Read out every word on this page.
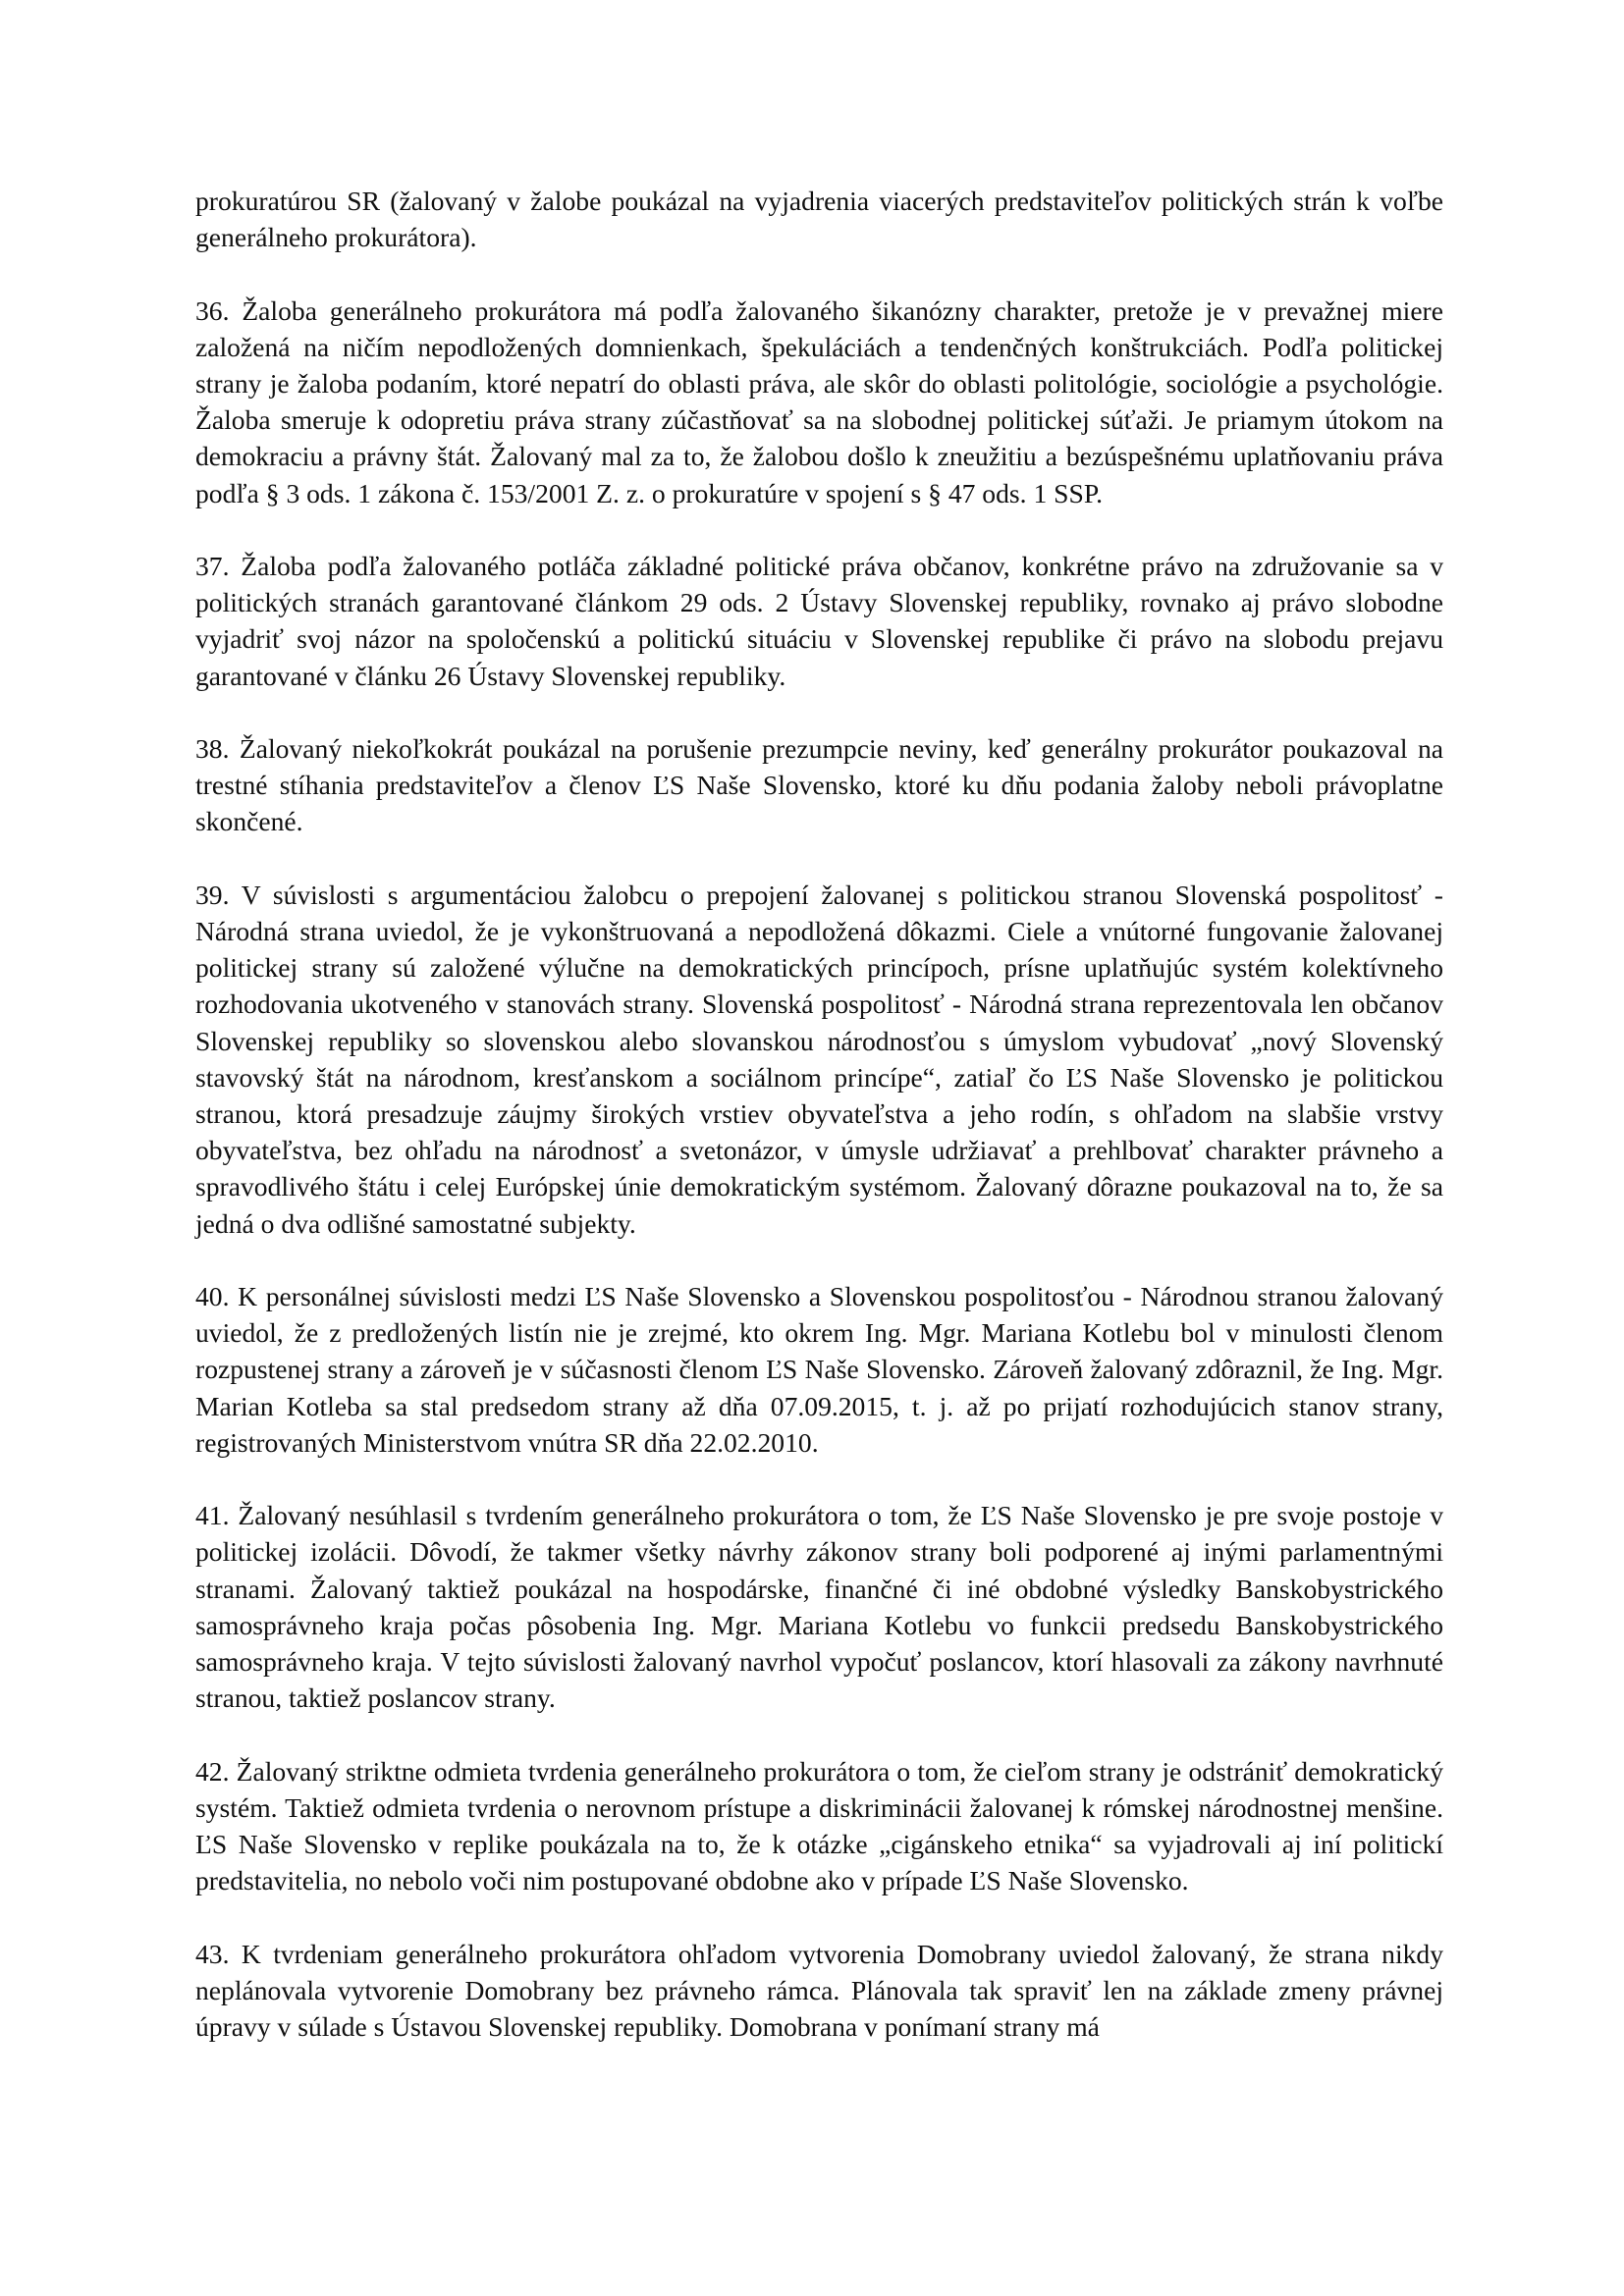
prokuratúrou SR (žalovaný v žalobe poukázal na vyjadrenia viacerých predstaviteľov politických strán k voľbe generálneho prokurátora).

36. Žaloba generálneho prokurátora má podľa žalovaného šikanózny charakter, pretože je v prevažnej miere založená na ničím nepodložených domnienkach, špekuláciách a tendenčných konštrukciách. Podľa politickej strany je žaloba podaním, ktoré nepatrí do oblasti práva, ale skôr do oblasti politológie, sociológie a psychológie. Žaloba smeruje k odopretiu práva strany zúčastňovať sa na slobodnej politickej súťaži. Je priamym útokom na demokraciu a právny štát. Žalovaný mal za to, že žalobou došlo k zneužitiu a bezúspešnému uplatňovaniu práva podľa § 3 ods. 1 zákona č. 153/2001 Z. z. o prokuratúre v spojení s § 47 ods. 1 SSP.

37. Žaloba podľa žalovaného potláča základné politické práva občanov, konkrétne právo na združovanie sa v politických stranách garantované článkom 29 ods. 2 Ústavy Slovenskej republiky, rovnako aj právo slobodne vyjadriť svoj názor na spoločenskú a politickú situáciu v Slovenskej republike či právo na slobodu prejavu garantované v článku 26 Ústavy Slovenskej republiky.

38. Žalovaný niekoľkokrát poukázal na porušenie prezumpcie neviny, keď generálny prokurátor poukazoval na trestné stíhania predstaviteľov a členov ĽS Naše Slovensko, ktoré ku dňu podania žaloby neboli právoplatne skončené.

39. V súvislosti s argumentáciou žalobcu o prepojení žalovanej s politickou stranou Slovenská pospolitosť - Národná strana uviedol, že je vykonštruovaná a nepodložená dôkazmi. Ciele a vnútorné fungovanie žalovanej politickej strany sú založené výlučne na demokratických princípoch, prísne uplatňujúc systém kolektívneho rozhodovania ukotveného v stanovách strany. Slovenská pospolitosť - Národná strana reprezentovala len občanov Slovenskej republiky so slovenskou alebo slovanskou národnosťou s úmyslom vybudovať „nový Slovenský stavovský štát na národnom, kresťanskom a sociálnom princípe“, zatiaľ čo ĽS Naše Slovensko je politickou stranou, ktorá presadzuje záujmy širokých vrstiev obyvateľstva a jeho rodín, s ohľadom na slabšie vrstvy obyvateľstva, bez ohľadu na národnosť a svetonázor, v úmysle udržiavať a prehlbovať charakter právneho a spravodlivého štátu i celej Európskej únie demokratickým systémom. Žalovaný dôrazne poukazoval na to, že sa jedná o dva odlišné samostatné subjekty.

40. K personálnej súvislosti medzi ĽS Naše Slovensko a Slovenskou pospolitosťou - Národnou stranou žalovaný uviedol, že z predložených listín nie je zrejmé, kto okrem Ing. Mgr. Mariana Kotlebu bol v minulosti členom rozpustenej strany a zároveň je v súčasnosti členom ĽS Naše Slovensko. Zároveň žalovaný zdôraznil, že Ing. Mgr. Marian Kotleba sa stal predsedom strany až dňa 07.09.2015, t. j. až po prijatí rozhodujúcich stanov strany, registrovaných Ministerstvom vnútra SR dňa 22.02.2010.

41. Žalovaný nesúhlasil s tvrdením generálneho prokurátora o tom, že ĽS Naše Slovensko je pre svoje postoje v politickej izolácii. Dôvodí, že takmer všetky návrhy zákonov strany boli podporené aj inými parlamentnými stranami. Žalovaný taktiež poukázal na hospodárske, finančné či iné obdobné výsledky Banskobystrického samosprávneho kraja počas pôsobenia Ing. Mgr. Mariana Kotlebu vo funkcii predsedu Banskobystrického samosprávneho kraja. V tejto súvislosti žalovaný navrhol vypočuť poslancov, ktorí hlasovali za zákony navrhnuté stranou, taktiež poslancov strany.

42. Žalovaný striktne odmieta tvrdenia generálneho prokurátora o tom, že cieľom strany je odstrániť demokratický systém. Taktiež odmieta tvrdenia o nerovnom prístupe a diskriminácii žalovanej k rómskej národnostnej menšine. ĽS Naše Slovensko v replike poukázala na to, že k otázke „cigánskeho etnika“ sa vyjadrovali aj iní politickí predstavitelia, no nebolo voči nim postupované obdobne ako v prípade ĽS Naše Slovensko.

43. K tvrdeniam generálneho prokurátora ohľadom vytvorenia Domobrany uviedol žalovaný, že strana nikdy neplánovala vytvorenie Domobrany bez právneho rámca. Plánovala tak spraviť len na základe zmeny právnej úpravy v súlade s Ústavou Slovenskej republiky. Domobrana v ponímaní strany má
